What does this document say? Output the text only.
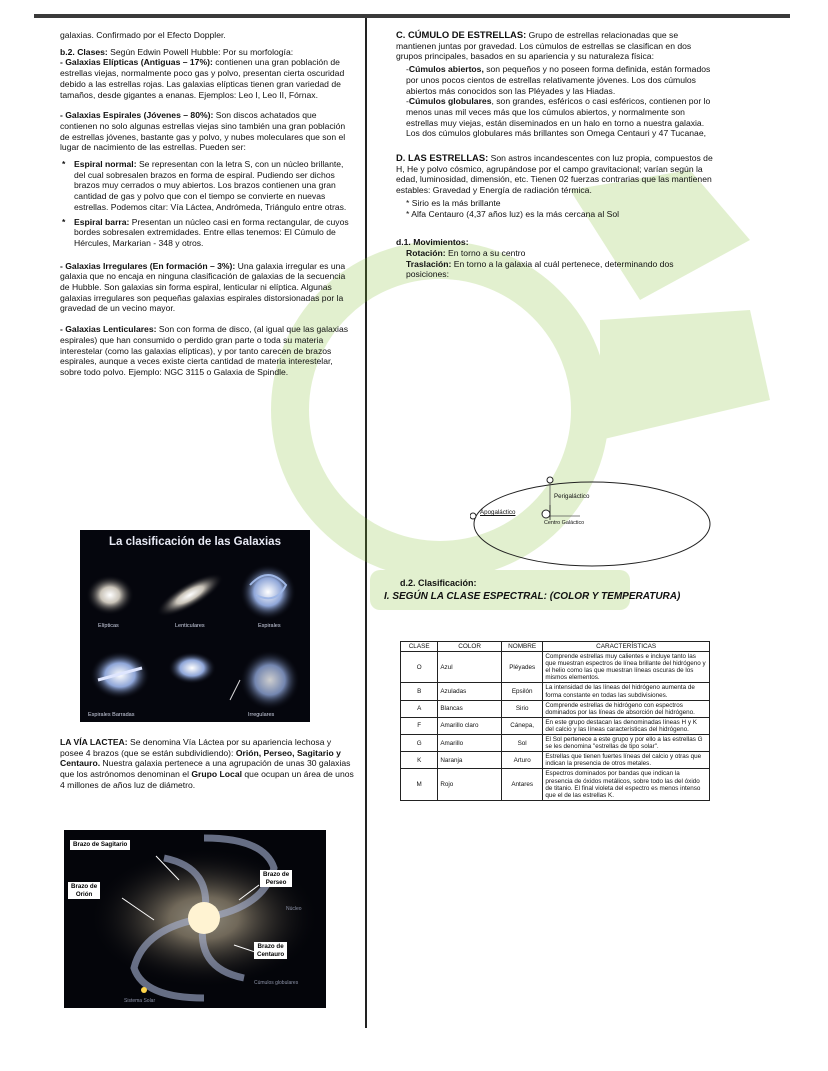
galaxias. Confirmado por el Efecto Doppler.

b.2. Clases: Según Edwin Powell Hubble: Por su morfología:
- Galaxias Elípticas (Antiguas – 17%): contienen una gran población de estrellas viejas, normalmente poco gas y polvo, presentan cierta oscuridad debido a las estrellas rojas. Las galaxias elípticas tienen gran variedad de tamaños, desde gigantes a enanas. Ejemplos: Leo I, Leo II, Fórnax.

- Galaxias Espirales (Jóvenes – 80%): Son discos achatados que contienen no solo algunas estrellas viejas sino también una gran población de estrellas jóvenes, bastante gas y polvo, y nubes moleculares que son el lugar de nacimiento de las estrellas. Pueden ser:

* Espiral normal: Se representan con la letra S, con un núcleo brillante, del cual sobresalen brazos en forma de espiral. Pudiendo ser dichos brazos muy cerrados o muy abiertos. Los brazos contienen una gran cantidad de gas y polvo que con el tiempo se convierte en nuevas estrellas. Podemos citar: Vía Láctea, Andrómeda, Triángulo entre otras.
* Espiral barra: Presentan un núcleo casi en forma rectangular, de cuyos bordes sobresalen extremidades. Entre ellas tenemos: El Cúmulo de Hércules, Markarian - 348 y otros.

- Galaxias Irregulares (En formación – 3%): Una galaxia irregular es una galaxia que no encaja en ninguna clasificación de galaxias de la secuencia de Hubble. Son galaxias sin forma espiral, lenticular ni elíptica. Algunas galaxias irregulares son pequeñas galaxias espirales distorsionadas por la gravedad de un vecino mayor.

- Galaxias Lenticulares: Son con forma de disco, (al igual que las galaxias espirales) que han consumido o perdido gran parte o toda su materia interestelar (como las galaxias elípticas), y por tanto carecen de brazos espirales, aunque a veces existe cierta cantidad de materia interestelar, sobre todo polvo. Ejemplo: NGC 3115 o Galaxia de Spindle.

La clasificación de las Galaxias
Elípticas	Lenticulares	Espirales
Espirales Barradas	Irregulares

LA VÍA LACTEA: Se denomina Vía Láctea por su apariencia lechosa y posee 4 brazos (que se están subdividiendo): Orión, Perseo, Sagitario y Centauro. Nuestra galaxia pertenece a una agrupación de unas 30 galaxias que los astrónomos denominan el Grupo Local que ocupan un área de unos 4 millones de años luz de diámetro.

Brazo de Sagitario
Brazo de
Perseo
Brazo de
Orión
Brazo de
Centauro
Núcleo
Cúmulos globulares
Sistema Solar

C. CÚMULO DE ESTRELLAS: Grupo de estrellas relacionadas que se mantienen juntas por gravedad. Los cúmulos de estrellas se clasifican en dos grupos principales, basados en su apariencia y su naturaleza física:

-Cúmulos abiertos, son pequeños y no poseen forma definida, están formados por unos pocos cientos de estrellas relativamente jóvenes. Los dos cúmulos abiertos más conocidos son las Pléyades y las Hiadas.

-Cúmulos globulares, son grandes, esféricos o casi esféricos, contienen por lo menos unas mil veces más que los cúmulos abiertos, y normalmente son estrellas muy viejas, están diseminados en un halo en torno a nuestra galaxia. Los dos cúmulos globulares más brillantes son Omega Centauri y 47 Tucanae,

D. LAS ESTRELLAS: Son astros incandescentes con luz propia, compuestos de H, He y polvo cósmico, agrupándose por el campo gravitacional; varían según la edad, luminosidad, dimensión, etc. Tienen 02 fuerzas contrarias que las mantienen estables: Gravedad y Energía de radiación térmica.

* Sirio es la más brillante

* Alfa Centauro (4,37 años luz) es la más cercana al Sol

d.1. Movimientos:

Rotación: En torno a su centro

Traslación: En torno a la galaxia al cuál pertenece, determinando dos posiciones:

Perigaláctico
Apogaláctico
Centro Galáctico
d.2. Clasificación:
I. SEGÚN LA CLASE ESPECTRAL: (COLOR Y TEMPERATURA)
CLASE	COLOR	NOMBRE	CARACTERÍSTICAS
O	Azul	Pléyades	Comprende estrellas muy calientes e incluye tanto las que muestran espectros de línea brillante del hidrógeno y el helio como las que muestran líneas oscuras de los mismos elementos.
B	Azuladas	Epsilón	La intensidad de las líneas del hidrógeno aumenta de forma constante en todas las subdivisiones.
A	Blancas	Sirio	Comprende estrellas de hidrógeno con espectros dominados por las líneas de absorción del hidrógeno.
F	Amarillo claro	Cánepa,	En este grupo destacan las denominadas líneas H y K del calcio y las líneas características del hidrógeno.
G	Amarillo	Sol	El Sol pertenece a este grupo y por ello a las estrellas G se les denomina "estrellas de tipo solar".
K	Naranja	Arturo	Estrellas que tienen fuertes líneas del calcio y otras que indican la presencia de otros metales.
M	Rojo	Antares	Espectros dominados por bandas que indican la presencia de óxidos metálicos, sobre todo las del óxido de titanio. El final violeta del espectro es menos intenso que el de las estrellas K.
